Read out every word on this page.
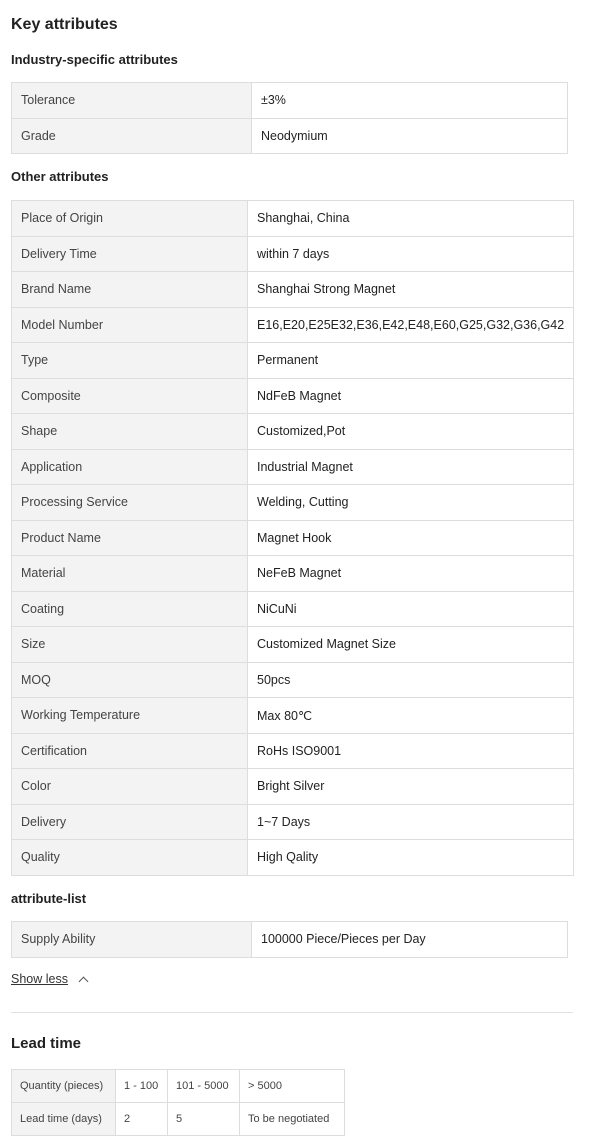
Key attributes
Industry-specific attributes
Tolerance	±3%
Grade	Neodymium
Other attributes
Place of Origin	Shanghai, China
Delivery Time	within 7 days
Brand Name	Shanghai Strong Magnet
Model Number	E16,E20,E25E32,E36,E42,E48,E60,G25,G32,G36,G42
Type	Permanent
Composite	NdFeB Magnet
Shape	Customized,Pot
Application	Industrial Magnet
Processing Service	Welding, Cutting
Product Name	Magnet Hook
Material	NeFeB Magnet
Coating	NiCuNi
Size	Customized Magnet Size
MOQ	50pcs
Working Temperature	Max 80℃
Certification	RoHs ISO9001
Color	Bright Silver
Delivery	1~7 Days
Quality	High Qality
attribute-list
Supply Ability	100000 Piece/Pieces per Day
Show less
Lead time
Quantity (pieces)	1 - 100	101 - 5000	> 5000
Lead time (days)	2	5	To be negotiated
